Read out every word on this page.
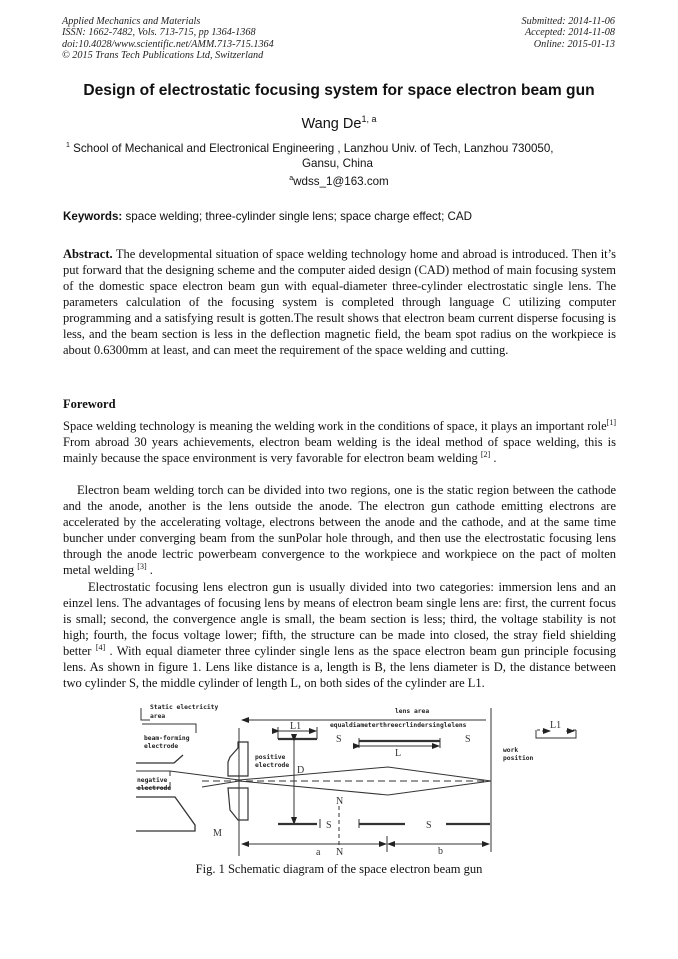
Applied Mechanics and Materials
ISSN: 1662-7482, Vols. 713-715, pp 1364-1368
doi:10.4028/www.scientific.net/AMM.713-715.1364
© 2015 Trans Tech Publications Ltd, Switzerland
Submitted: 2014-11-06
Accepted: 2014-11-08
Online: 2015-01-13
Design of electrostatic focusing system for space electron beam gun
Wang De$^{1, a}$
$^1$ School of Mechanical and Electronical Engineering , Lanzhou Univ. of Tech, Lanzhou 730050,
Gansu, China
$^a$wdss_1@163.com
Keywords: space welding; three-cylinder single lens; space charge effect; CAD

Abstract. The developmental situation of space welding technology home and abroad is introduced. Then it’s put forward that the designing scheme and the computer aided design (CAD) method of main focusing system of the domestic space electron beam gun with equal-diameter three-cylinder electrostatic single lens. The parameters calculation of the focusing system is completed through language C utilizing computer programming and a satisfying result is gotten.The result shows that electron beam current disperse focusing is less, and the beam section is less in the deflection magnetic field, the beam spot radius on the workpiece is about 0.6300mm at least, and can meet the requirement of the space welding and cutting.

Foreword

Space welding technology is meaning the welding work in the conditions of space, it plays an important role[1] From abroad 30 years achievements, electron beam welding is the ideal method of space welding, this is mainly because the space environment is very favorable for electron beam welding [2] .

Electron beam welding torch can be divided into two regions, one is the static region between the cathode and the anode, another is the lens outside the anode. The electron gun cathode emitting electrons are accelerated by the accelerating voltage, electrons between the anode and the cathode, and at the same time buncher under converging beam from the sunPolar hole through, and then use the electrostatic focusing lens through the anode lectric powerbeam convergence to the workpiece and workpiece on the pact of molten metal welding [3] .

Electrostatic focusing lens electron gun is usually divided into two categories: immersion lens and an einzel lens. The advantages of focusing lens by means of electron beam single lens are: first, the current focus is small; second, the convergence angle is small, the beam section is less; third, the voltage stability is not high; fourth, the focus voltage lower; fifth, the structure can be made into closed, the stray field shielding better [4] . With equal diameter three cylinder single lens as the space electron beam gun principle focusing lens. As shown in figure 1. Lens like distance is a, length is B, the lens diameter is D, the distance between two cylinder S, the middle cylinder of length L, on both sides of the cylinder are L1.

Static electricity
area
beam-forming
electrode
negative
electrode
positive
electrode
lens area
equaldiameterthreecrlindersinglelens
work
position
L1	L1
L
D
S	S
S	S
N
N
M
a	b
Fig. 1 Schematic diagram of the space electron beam gun
